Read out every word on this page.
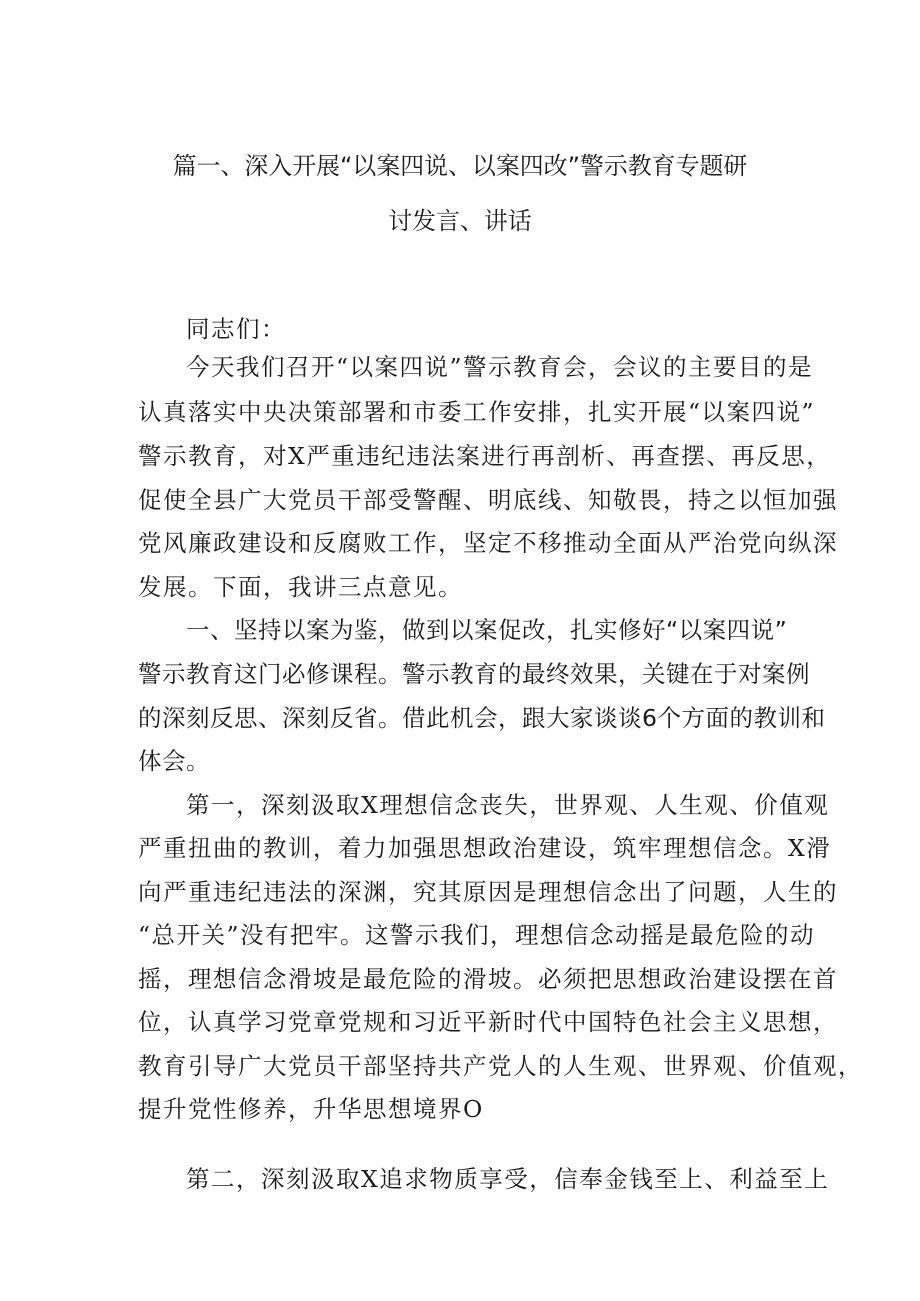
篇一、深入开展“以案四说、以案四改”警示教育专题研
讨发言、讲话
同志们：
今天我们召开“以案四说”警示教育会，会议的主要目的是
认真落实中央决策部署和市委工作安排，扎实开展“以案四说”
警示教育，对X严重违纪违法案进行再剖析、再查摆、再反思，
促使全县广大党员干部受警醒、明底线、知敬畏，持之以恒加强
党风廉政建设和反腐败工作，坚定不移推动全面从严治党向纵深
发展。下面，我讲三点意见。
一、坚持以案为鉴，做到以案促改，扎实修好“以案四说”
警示教育这门必修课程。警示教育的最终效果，关键在于对案例
的深刻反思、深刻反省。借此机会，跟大家谈谈6个方面的教训和
体会。
第一，深刻汲取X理想信念丧失，世界观、人生观、价值观
严重扭曲的教训，着力加强思想政治建设，筑牢理想信念。X滑
向严重违纪违法的深渊，究其原因是理想信念出了问题，人生的
“总开关”没有把牢。这警示我们，理想信念动摇是最危险的动
摇，理想信念滑坡是最危险的滑坡。必须把思想政治建设摆在首
位，认真学习党章党规和习近平新时代中国特色社会主义思想，
教育引导广大党员干部坚持共产党人的人生观、世界观、价值观，
提升党性修养，升华思想境界O
第二，深刻汲取X追求物质享受，信奉金钱至上、利益至上
